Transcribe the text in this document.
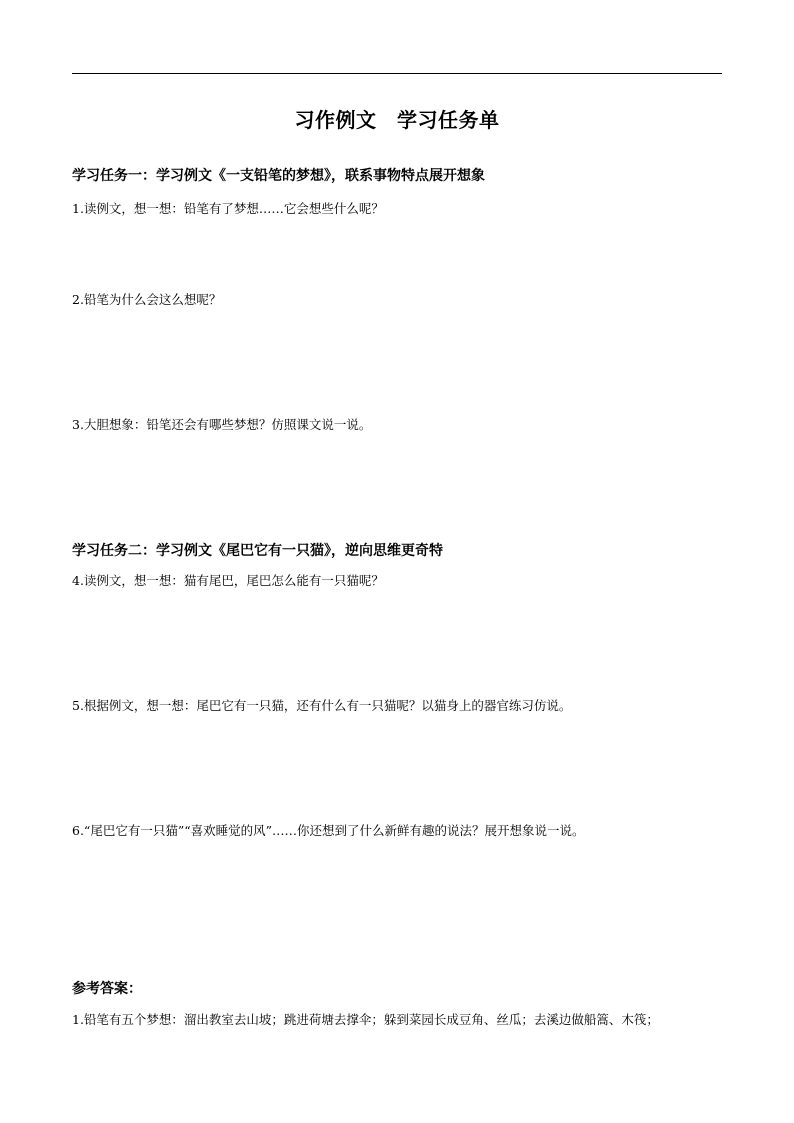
习作例文　学习任务单
学习任务一：学习例文《一支铅笔的梦想》，联系事物特点展开想象
1.读例文，想一想：铅笔有了梦想……它会想些什么呢？
2.铅笔为什么会这么想呢？
3.大胆想象：铅笔还会有哪些梦想？仿照课文说一说。
学习任务二：学习例文《尾巴它有一只猫》，逆向思维更奇特
4.读例文，想一想：猫有尾巴，尾巴怎么能有一只猫呢？
5.根据例文，想一想：尾巴它有一只猫，还有什么有一只猫呢？以猫身上的器官练习仿说。
6.“尾巴它有一只猫”“喜欢睡觉的风”……你还想到了什么新鲜有趣的说法？展开想象说一说。
参考答案：
1.铅笔有五个梦想：溜出教室去山坡；跳进荷塘去撑伞；躲到菜园长成豆角、丝瓜；去溪边做船篙、木筏；
